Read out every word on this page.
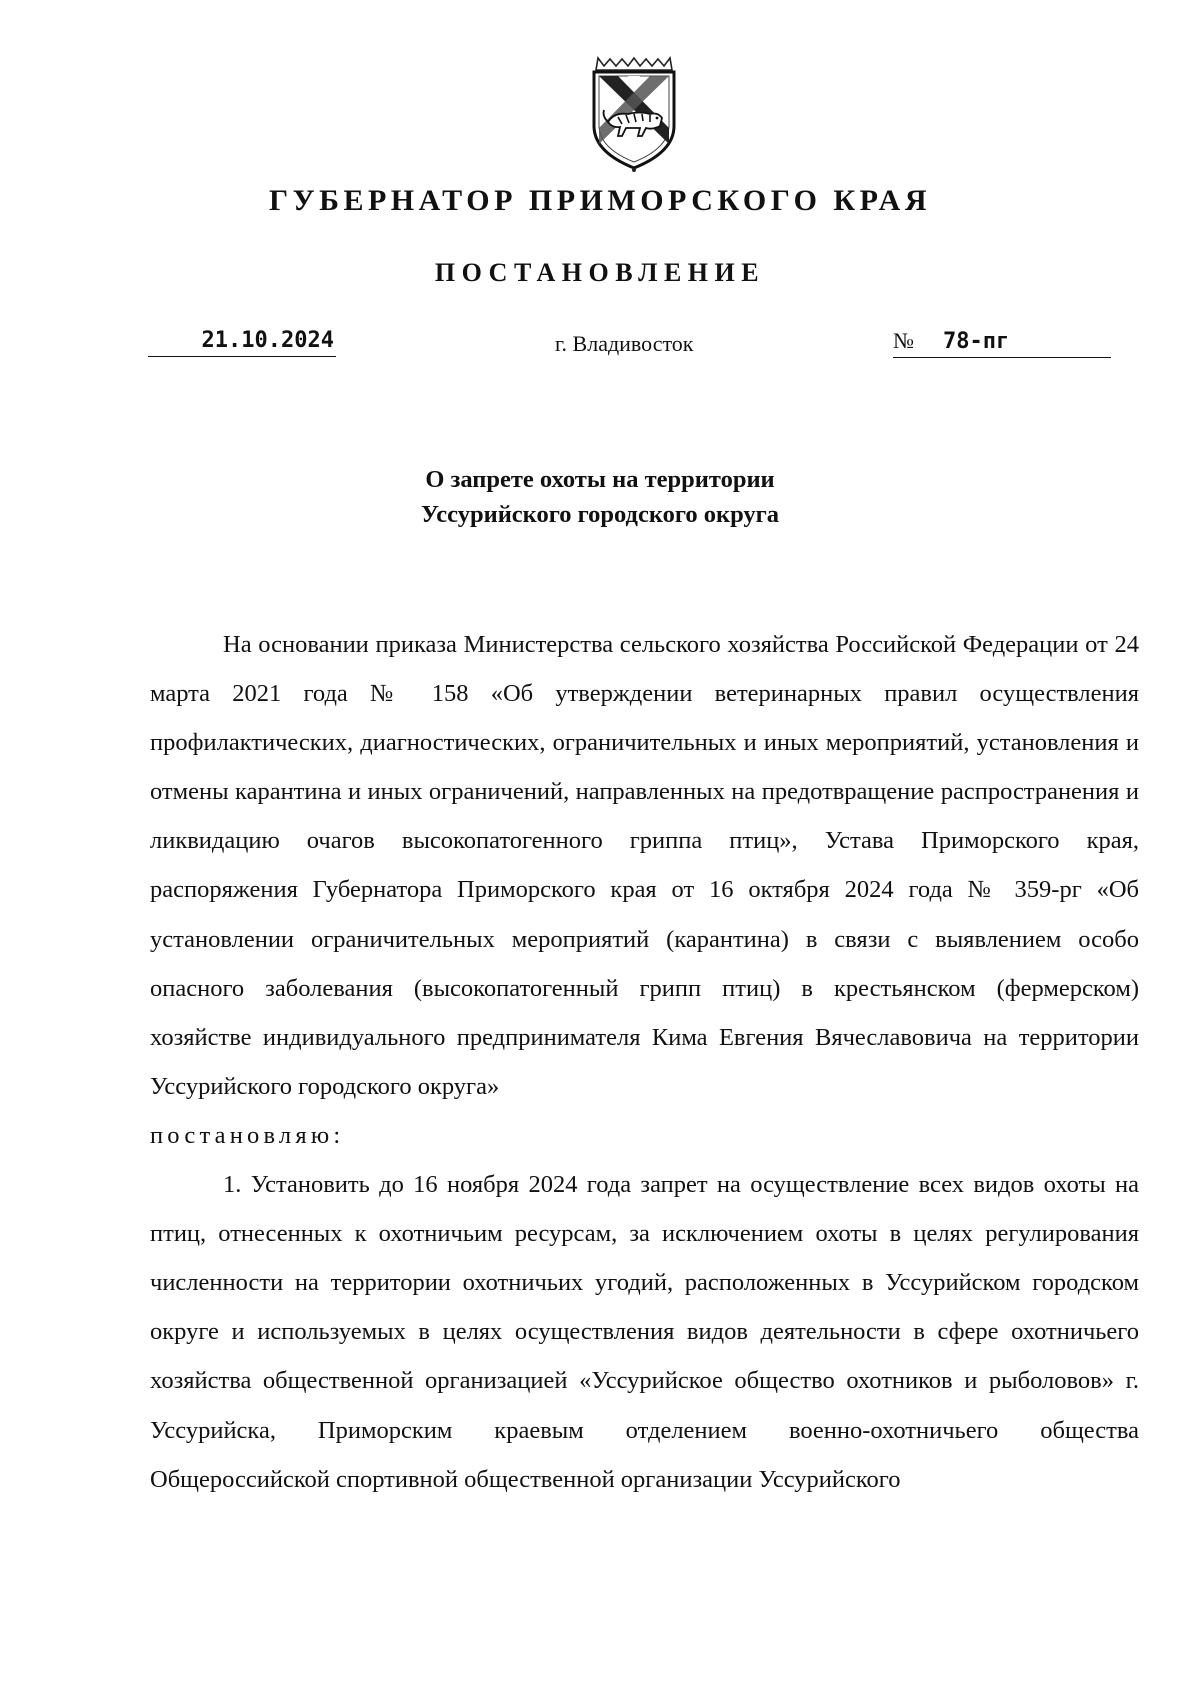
ГУБЕРНАТОР ПРИМОРСКОГО КРАЯ
ПОСТАНОВЛЕНИЕ
21.10.2024	г. Владивосток	№ 78-пг
О запрете охоты на территории
Уссурийского городского округа

На основании приказа Министерства сельского хозяйства Российской Федерации от 24 марта 2021 года № 158 «Об утверждении ветеринарных правил осуществления профилактических, диагностических, ограничительных и иных мероприятий, установления и отмены карантина и иных ограничений, направленных на предотвращение распространения и ликвидацию очагов высокопатогенного гриппа птиц», Устава Приморского края, распоряжения Губернатора Приморского края от 16 октября 2024 года № 359-рг «Об установлении ограничительных мероприятий (карантина) в связи с выявлением особо опасного заболевания (высокопатогенный грипп птиц) в крестьянском (фермерском) хозяйстве индивидуального предпринимателя Кима Евгения Вячеславовича на территории Уссурийского городского округа»

постановляю:

1. Установить до 16 ноября 2024 года запрет на осуществление всех видов охоты на птиц, отнесенных к охотничьим ресурсам, за исключением охоты в целях регулирования численности на территории охотничьих угодий, расположенных в Уссурийском городском округе и используемых в целях осуществления видов деятельности в сфере охотничьего хозяйства общественной организацией «Уссурийское общество охотников и рыболовов» г. Уссурийска, Приморским краевым отделением военно-охотничьего общества Общероссийской спортивной общественной организации Уссурийского
